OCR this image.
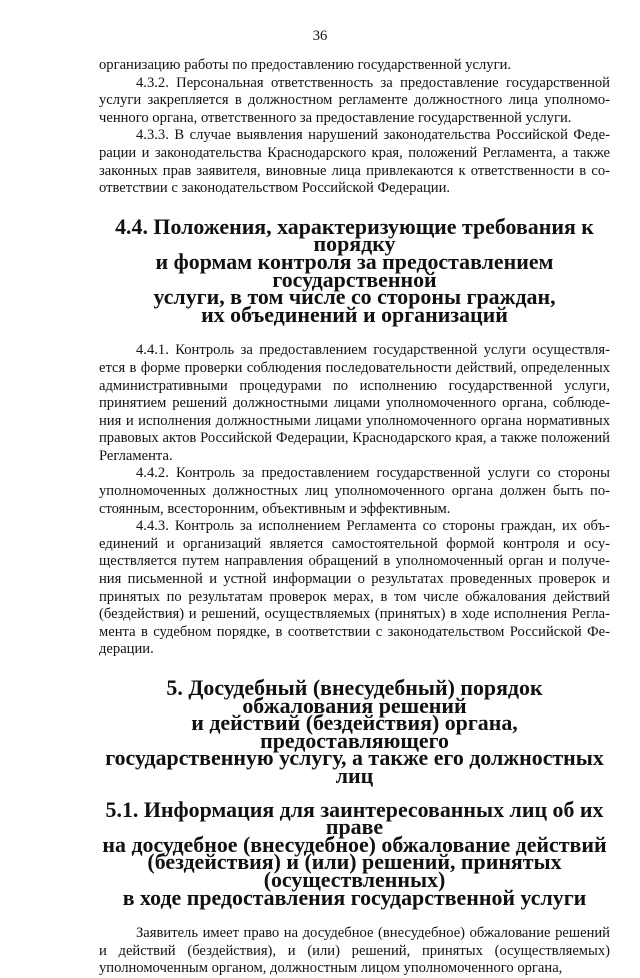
36

организацию работы по предоставлению государственной услуги.

4.3.2. Персональная ответственность за предоставление государственной услуги закрепляется в должностном регламенте должностного лица уполномоченного органа, ответственного за предоставление государственной услуги.

4.3.3. В случае выявления нарушений законодательства Российской Федерации и законодательства Краснодарского края, положений Регламента, а также законных прав заявителя, виновные лица привлекаются к ответственности в соответствии с законодательством Российской Федерации.

4.4. Положения, характеризующие требования к порядку
и формам контроля за предоставлением государственной
услуги, в том числе со стороны граждан,
их объединений и организаций

4.4.1. Контроль за предоставлением государственной услуги осуществляется в форме проверки соблюдения последовательности действий, определенных административными процедурами по исполнению государственной услуги, принятием решений должностными лицами уполномоченного органа, соблюдения и исполнения должностными лицами уполномоченного органа нормативных правовых актов Российской Федерации, Краснодарского края, а также положений Регламента.

4.4.2. Контроль за предоставлением государственной услуги со стороны уполномоченных должностных лиц уполномоченного органа должен быть постоянным, всесторонним, объективным и эффективным.

4.4.3. Контроль за исполнением Регламента со стороны граждан, их объединений и организаций является самостоятельной формой контроля и осуществляется путем направления обращений в уполномоченный орган и получения письменной и устной информации о результатах проведенных проверок и принятых по результатам проверок мерах, в том числе обжалования действий (бездействия) и решений, осуществляемых (принятых) в ходе исполнения Регламента в судебном порядке, в соответствии с законодательством Российской Федерации.

5. Досудебный (внесудебный) порядок обжалования решений
и действий (бездействия) органа, предоставляющего
государственную услугу, а также его должностных лиц
5.1. Информация для заинтересованных лиц об их праве
на досудебное (внесудебное) обжалование действий
(бездействия) и (или) решений, принятых (осуществленных)
в ходе предоставления государственной услуги

Заявитель имеет право на досудебное (внесудебное) обжалование решений и действий (бездействия), и (или) решений, принятых (осуществляемых) уполномоченным органом, должностным лицом уполномоченного органа,
